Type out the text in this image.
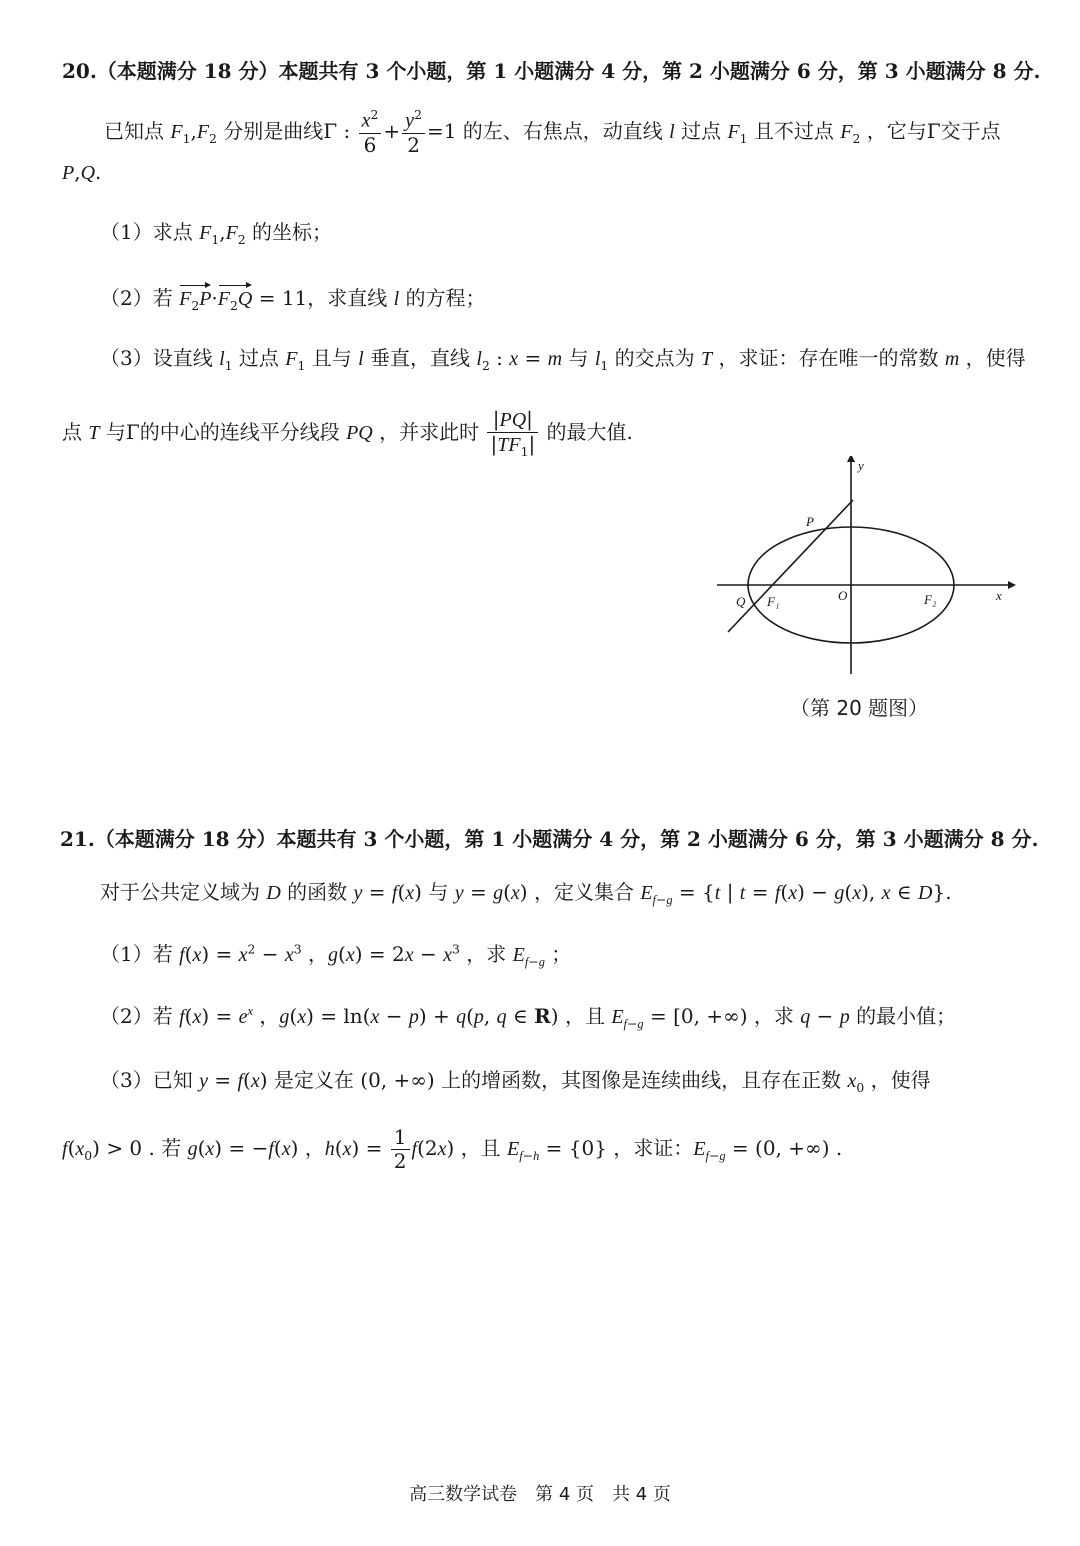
20.（本题满分 18 分）本题共有 3 个小题，第 1 小题满分 4 分，第 2 小题满分 6 分，第 3 小题满分 8 分.
已知点 $F_1,F_2$ 分别是曲线Γ : $\frac{x^2}{6} + \frac{y^2}{2} =1$ 的左、右焦点，动直线 l 过点 $F_1$ 且不过点 $F_2$ ，它与Γ交于点
P,Q.
（1）求点 $F_1,F_2$ 的坐标；
（2）若 $F_2P\cdot F_2Q = 11$，求直线 l 的方程；
（3）设直线 $l_1$ 过点 $F_1$ 且与 l 垂直，直线 $l_2$ : x = m 与 $l_1$ 的交点为 T ，求证：存在唯一的常数 m ，使得
点 T 与Γ的中心的连线平分线段 PQ ，并求此时 $\frac{|PQ|}{|TF_1|}$ 的最大值.
y
x
P
Q F₁	O	F₂
（第 20 题图）
21.（本题满分 18 分）本题共有 3 个小题，第 1 小题满分 4 分，第 2 小题满分 6 分，第 3 小题满分 8 分.
对于公共定义域为 D 的函数 y = f(x) 与 y = g(x) ，定义集合 $E_{f-g} = \{t$ | t = f(x) − g(x), x ∈ D}.
（1）若 $f(x) = x^2 - x^3$ ，$g(x) = 2x - x^3$ ，求 $E_{f-g}$ ；
（2）若 $f(x) = e^x$ ，g(x) = ln(x − p) + q(p, q ∈ R) ，且 $E_{f-g} = [0$, +∞) ，求 q − p 的最小值；
（3）已知 y = f(x) 是定义在 (0, +∞) 上的增函数，其图像是连续曲线，且存在正数 $x_0$ ，使得
$f(x_0) > 0$ . 若 g(x) = −f(x) ，$h(x) = \frac{1}{2} f(2x)$ ，且 $E_{f-h} = \{0\}$ ，求证：$E_{f-g} = (0$, +∞) .
高三数学试卷　第 4 页　共 4 页
